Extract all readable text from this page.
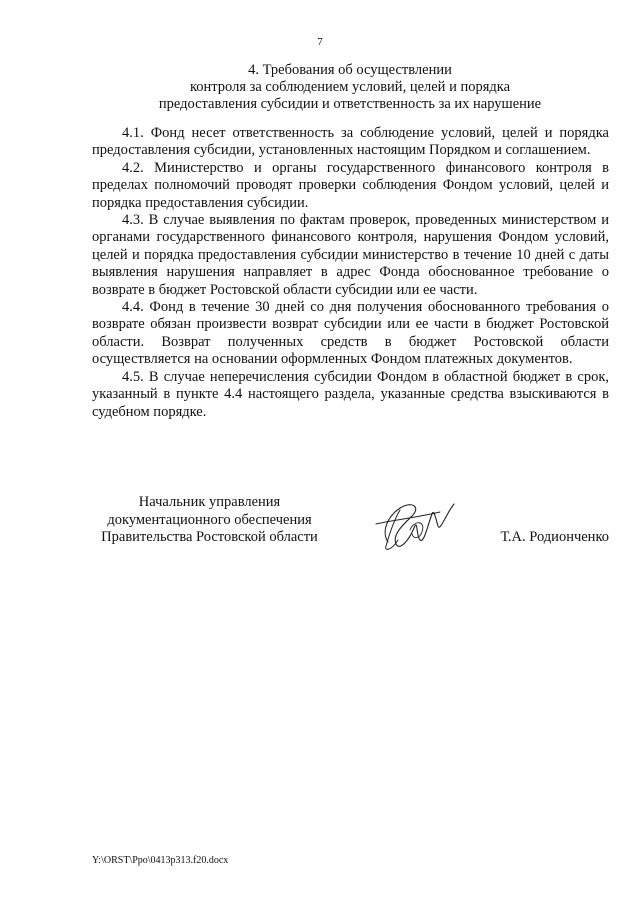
7
4. Требования об осуществлении
контроля за соблюдением условий, целей и порядка
предоставления субсидии и ответственность за их нарушение

4.1. Фонд несет ответственность за соблюдение условий, целей и порядка предоставления субсидии, установленных настоящим Порядком и соглашением.

4.2. Министерство и органы государственного финансового контроля в пределах полномочий проводят проверки соблюдения Фондом условий, целей и порядка предоставления субсидии.

4.3. В случае выявления по фактам проверок, проведенных министерством и органами государственного финансового контроля, нарушения Фондом условий, целей и порядка предоставления субсидии министерство в течение 10 дней с даты выявления нарушения направляет в адрес Фонда обоснованное требование о возврате в бюджет Ростовской области субсидии или ее части.

4.4. Фонд в течение 30 дней со дня получения обоснованного требования о возврате обязан произвести возврат субсидии или ее части в бюджет Ростовской области. Возврат полученных средств в бюджет Ростовской области осуществляется на основании оформленных Фондом платежных документов.

4.5. В случае неперечисления субсидии Фондом в областной бюджет в срок, указанный в пункте 4.4 настоящего раздела, указанные средства взыскиваются в судебном порядке.

Начальник управления
документационного обеспечения
Правительства Ростовской области	Т.А. Родионченко
Y:\ORST\Ppo\0413p313.f20.docx
